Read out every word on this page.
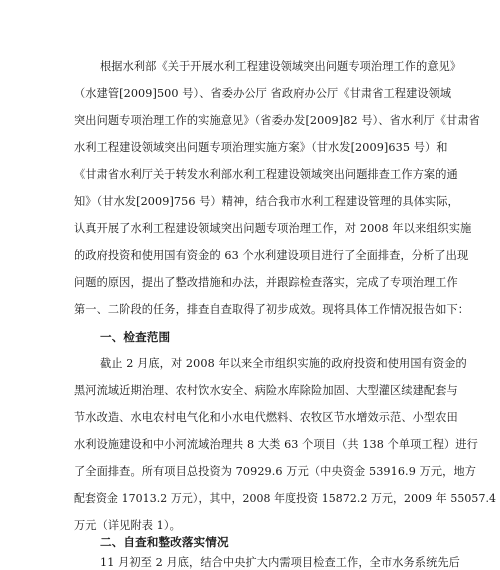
根据水利部《关于开展水利工程建设领域突出问题专项治理工作的意见》
（水建管[2009]500 号）、省委办公厅 省政府办公厅《甘肃省工程建设领域
突出问题专项治理工作的实施意见》（省委办发[2009]82 号）、省水利厅《甘肃省
水利工程建设领域突出问题专项治理实施方案》（甘水发[2009]635 号）和
《甘肃省水利厅关于转发水利部水利工程建设领域突出问题排查工作方案的通
知》（甘水发[2009]756 号）精神，结合我市水利工程建设管理的具体实际，
认真开展了水利工程建设领域突出问题专项治理工作，对 2008 年以来组织实施
的政府投资和使用国有资金的 63 个水利建设项目进行了全面排查，分析了出现
问题的原因，提出了整改措施和办法，并跟踪检查落实，完成了专项治理工作
第一、二阶段的任务，排查自查取得了初步成效。现将具体工作情况报告如下：
一、检查范围
截止 2 月底，对 2008 年以来全市组织实施的政府投资和使用国有资金的
黑河流域近期治理、农村饮水安全、病险水库除险加固、大型灌区续建配套与
节水改造、水电农村电气化和小水电代燃料、农牧区节水增效示范、小型农田
水利设施建设和中小河流域治理共 8 大类 63 个项目（共 138 个单项工程）进行
了全面排查。所有项目总投资为 70929.6 万元（中央资金 53916.9 万元，地方
配套资金 17013.2 万元），其中，2008 年度投资 15872.2 万元，2009 年 55057.4
万元（详见附表 1）。
二、自查和整改落实情况
11 月初至 2 月底，结合中央扩大内需项目检查工作，全市水务系统先后
